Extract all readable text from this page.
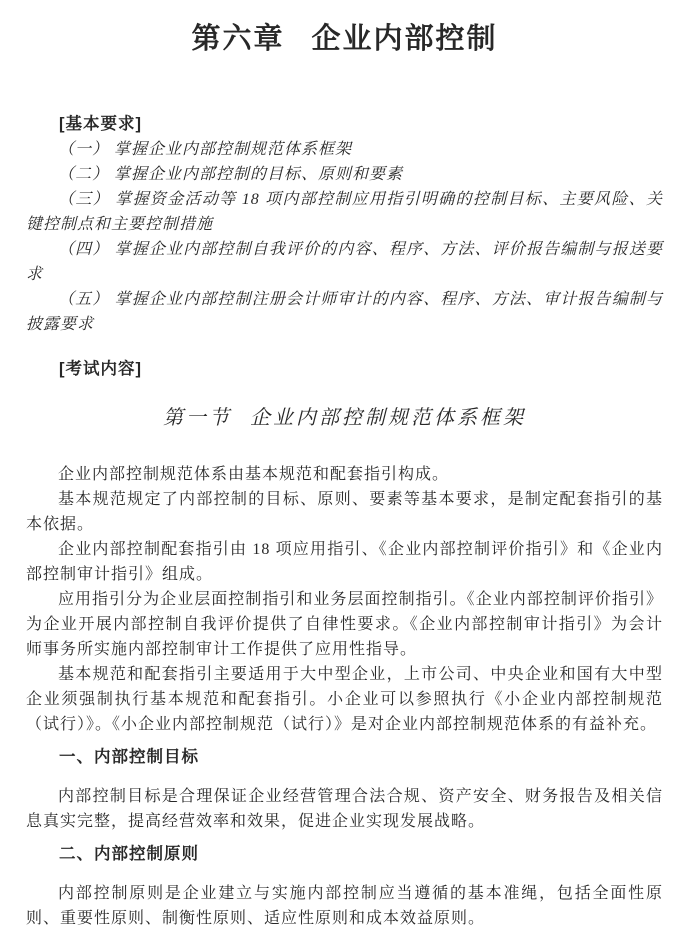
第六章 企业内部控制
[基本要求]

（一） 掌握企业内部控制规范体系框架

（二） 掌握企业内部控制的目标、原则和要素

（三） 掌握资金活动等 18 项内部控制应用指引明确的控制目标、主要风险、关键控制点和主要控制措施

（四） 掌握企业内部控制自我评价的内容、程序、方法、评价报告编制与报送要求

（五） 掌握企业内部控制注册会计师审计的内容、程序、方法、审计报告编制与披露要求

[考试内容]
第一节 企业内部控制规范体系框架

企业内部控制规范体系由基本规范和配套指引构成。

基本规范规定了内部控制的目标、原则、要素等基本要求，是制定配套指引的基本依据。

企业内部控制配套指引由 18 项应用指引、《企业内部控制评价指引》和《企业内部控制审计指引》组成。

应用指引分为企业层面控制指引和业务层面控制指引。《企业内部控制评价指引》为企业开展内部控制自我评价提供了自律性要求。《企业内部控制审计指引》为会计师事务所实施内部控制审计工作提供了应用性指导。

基本规范和配套指引主要适用于大中型企业，上市公司、中央企业和国有大中型企业须强制执行基本规范和配套指引。小企业可以参照执行《小企业内部控制规范（试行）》。《小企业内部控制规范（试行）》是对企业内部控制规范体系的有益补充。

一、内部控制目标

内部控制目标是合理保证企业经营管理合法合规、资产安全、财务报告及相关信息真实完整，提高经营效率和效果，促进企业实现发展战略。

二、内部控制原则

内部控制原则是企业建立与实施内部控制应当遵循的基本准绳，包括全面性原则、重要性原则、制衡性原则、适应性原则和成本效益原则。
